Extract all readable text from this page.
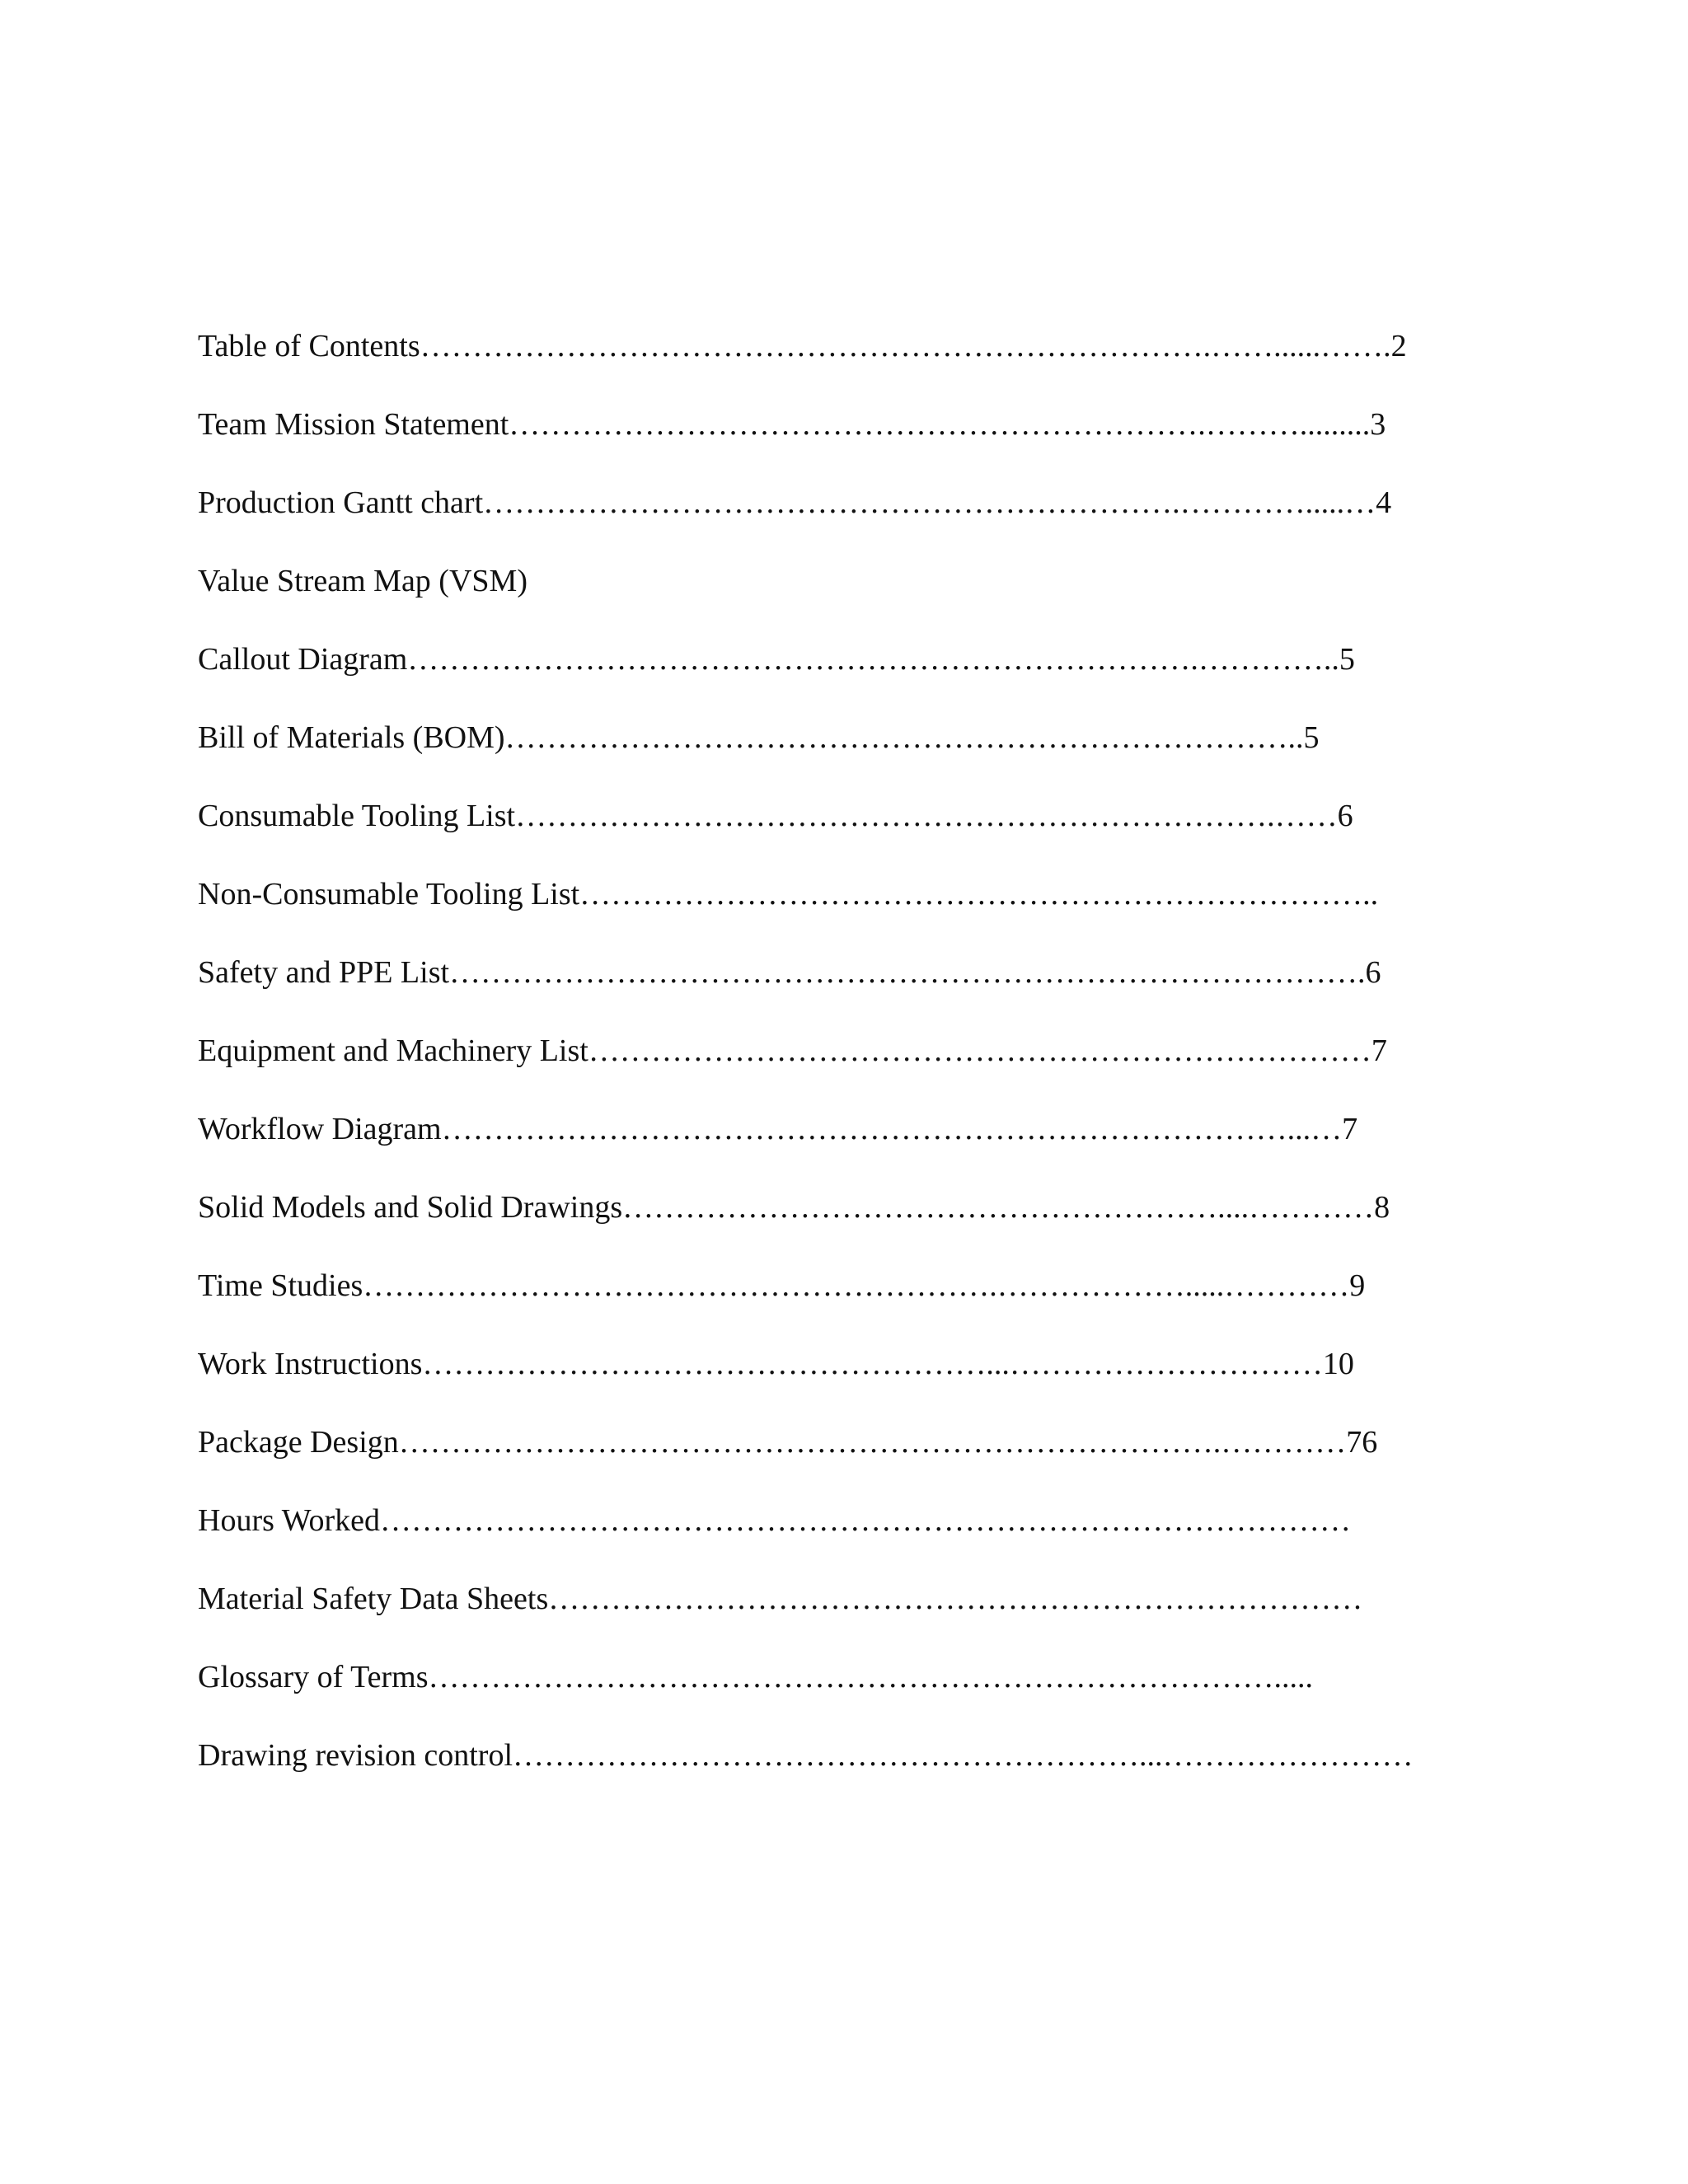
Table of Contents………………………………………………………………….……......…….2
Team Mission Statement………………………………………………………….……….........3
Production Gantt chart………………………………………………………….………….....…4
Value Stream Map (VSM)
Callout Diagram………………………………………………………………….…………..5
Bill of Materials (BOM)…………………………………………………………………..5
Consumable Tooling List……………………………………………………………….……6
Non-Consumable Tooling List…………………………………………………………………..
Safety and PPE List…………………………………………………………………………….6
Equipment and Machinery List…………………………………………………………………7
Workflow Diagram………………………………………………………………………...…7
Solid Models and Solid Drawings…………………………………………………....…………8
Time Studies…………………………………………………….……………….....…………9
Work Instructions………………………………………………...…………………………10
Package Design…………………………………………………………………….…………76
Hours Worked…………………………………………………………………………………
Material Safety Data Sheets……………………………………………………………………
Glossary of Terms……………………………………………………………………….....
Drawing revision control……………………………………………………...……………………
